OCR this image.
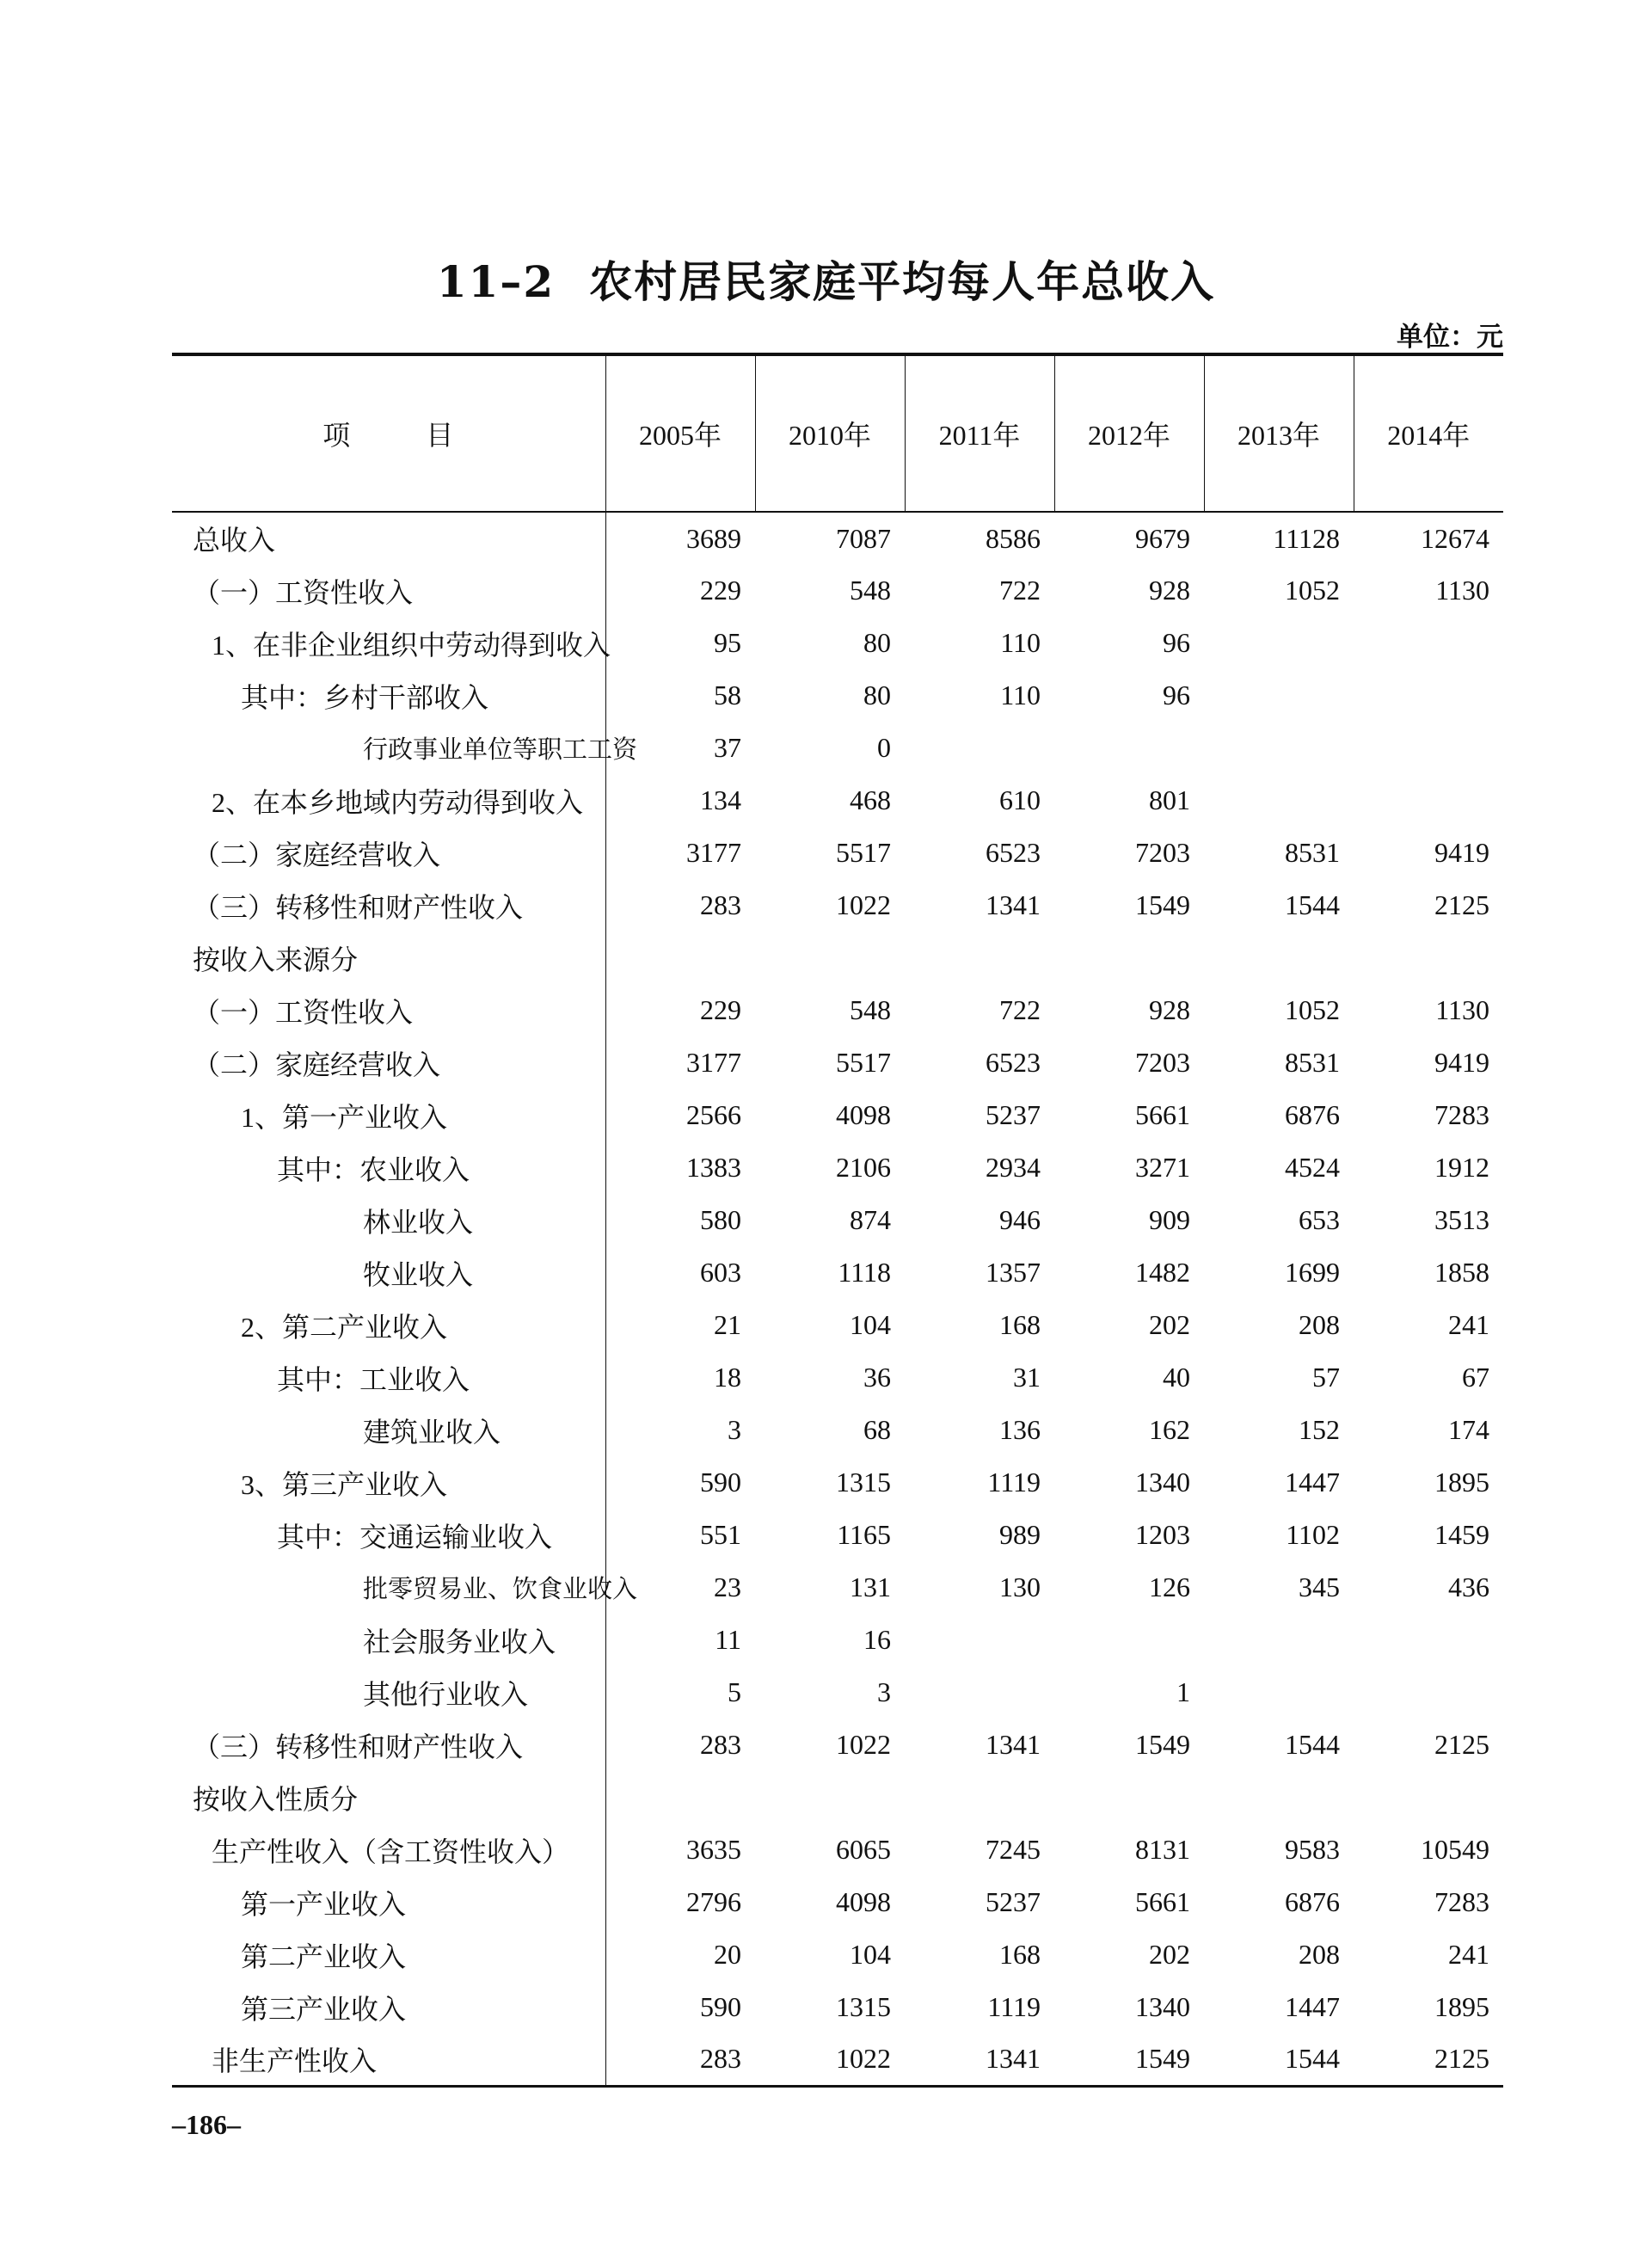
11–2 农村居民家庭平均每人年总收入
单位：元
项 目	2005年	2010年	2011年	2012年	2013年	2014年
总收入	3689	7087	8586	9679	11128	12674
（一）工资性收入	229	548	722	928	1052	1130
1、在非企业组织中劳动得到收入	95	80	110	96		
其中：乡村干部收入	58	80	110	96		
行政事业单位等职工工资	37	0				
2、在本乡地域内劳动得到收入	134	468	610	801		
（二）家庭经营收入	3177	5517	6523	7203	8531	9419
（三）转移性和财产性收入	283	1022	1341	1549	1544	2125
按收入来源分						
（一）工资性收入	229	548	722	928	1052	1130
（二）家庭经营收入	3177	5517	6523	7203	8531	9419
1、第一产业收入	2566	4098	5237	5661	6876	7283
其中：农业收入	1383	2106	2934	3271	4524	1912
林业收入	580	874	946	909	653	3513
牧业收入	603	1118	1357	1482	1699	1858
2、第二产业收入	21	104	168	202	208	241
其中：工业收入	18	36	31	40	57	67
建筑业收入	3	68	136	162	152	174
3、第三产业收入	590	1315	1119	1340	1447	1895
其中：交通运输业收入	551	1165	989	1203	1102	1459
批零贸易业、饮食业收入	23	131	130	126	345	436
社会服务业收入	11	16				
其他行业收入	5	3		1		
（三）转移性和财产性收入	283	1022	1341	1549	1544	2125
按收入性质分						
生产性收入（含工资性收入）	3635	6065	7245	8131	9583	10549
第一产业收入	2796	4098	5237	5661	6876	7283
第二产业收入	20	104	168	202	208	241
第三产业收入	590	1315	1119	1340	1447	1895
非生产性收入	283	1022	1341	1549	1544	2125
–186–
